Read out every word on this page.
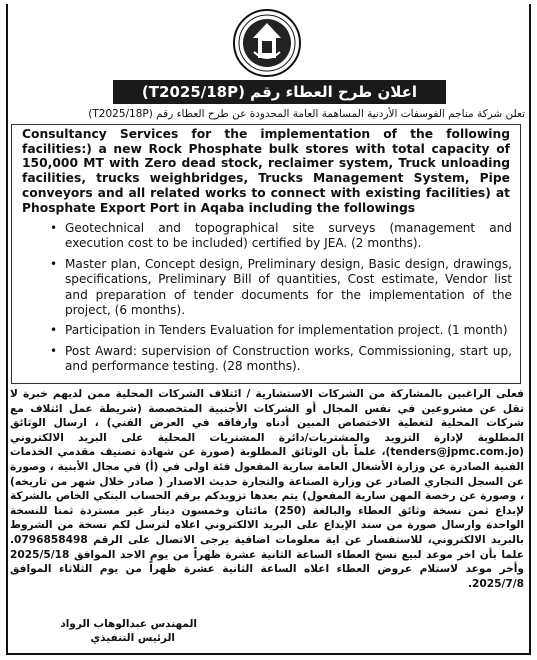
اعلان طرح العطاء رقم (T2025/18P)
تعلن شركة مناجم الفوسفات الأردنية المساهمة العامة المحدودة عن طرح العطاء رقم (T2025/18P)
Consultancy Services for the implementation of the following facilities:) a new Rock Phosphate bulk stores with total capacity of 150,000 MT with Zero dead stock, reclaimer system, Truck unloading facilities, trucks weighbridges, Trucks Management System, Pipe conveyors and all related works to connect with existing facilities) at Phosphate Export Port in Aqaba including the followings
• Geotechnical and topographical site surveys (management and execution cost to be included) certified by JEA. (2 months).
• Master plan, Concept design, Preliminary design, Basic design, drawings, specifications, Preliminary Bill of quantities, Cost estimate, Vendor list and preparation of tender documents for the implementation of the project, (6 months).
• Participation in Tenders Evaluation for implementation project. (1 month)
• Post Award: supervision of Construction works, Commissioning, start up, and performance testing. (28 months).
فعلى الراغبين بالمشاركة من الشركات الاستشارية / ائتلاف الشركات المحلية ممن لديهم خبرة لا تقل عن مشروعين في نفس المجال أو الشركات الأجنبية المتخصصة (شريطة عمل ائتلاف مع شركات المحلية لتغطية الاختصاص المبين أدناه وارفاقه في العرض الفني) ، ارسال الوثائق المطلوبة لإدارة التزويد والمشتريات/دائرة المشتريات المحلية على البريد الالكتروني (tenders@jpmc.com.jo)، علماً بأن الوثائق المطلوبة (صورة عن شهادة تصنيف مقدمي الخدمات الفنية الصادرة عن وزارة الأشغال العامة سارية المفعول فئة اولى في (أ) في مجال الأبنية ، وصورة عن السجل التجاري الصادر عن وزارة الصناعة والتجارة حديث الاصدار ( صادر خلال شهر من تاريخه) ، وصورة عن رخصة المهن سارية المفعول) يتم بعدها تزويدكم برقم الحساب البنكي الخاص بالشركة لإيداع ثمن نسخة وثائق العطاء والبالغة (250) مائتان وخمسون دينار غير مستردة ثمنا للنسخة الواحدة وارسال صورة من سند الإيداع على البريد الالكتروني اعلاه لترسل لكم نسخة من الشروط بالبريد الالكتروني، للاستفسار عن اية معلومات اضافية يرجى الاتصال على الرقم 0796858498. علما بأن اخر موعد لبيع نسخ العطاء الساعة الثانية عشرة ظهراً من يوم الاحد الموافق 2025/5/18 وأخر موعد لاستلام عروض العطاء اعلاه الساعة الثانية عشرة ظهراً من يوم الثلاثاء الموافق 2025/7/8.
المهندس عبدالوهاب الرواد
الرئيس التنفيذي
